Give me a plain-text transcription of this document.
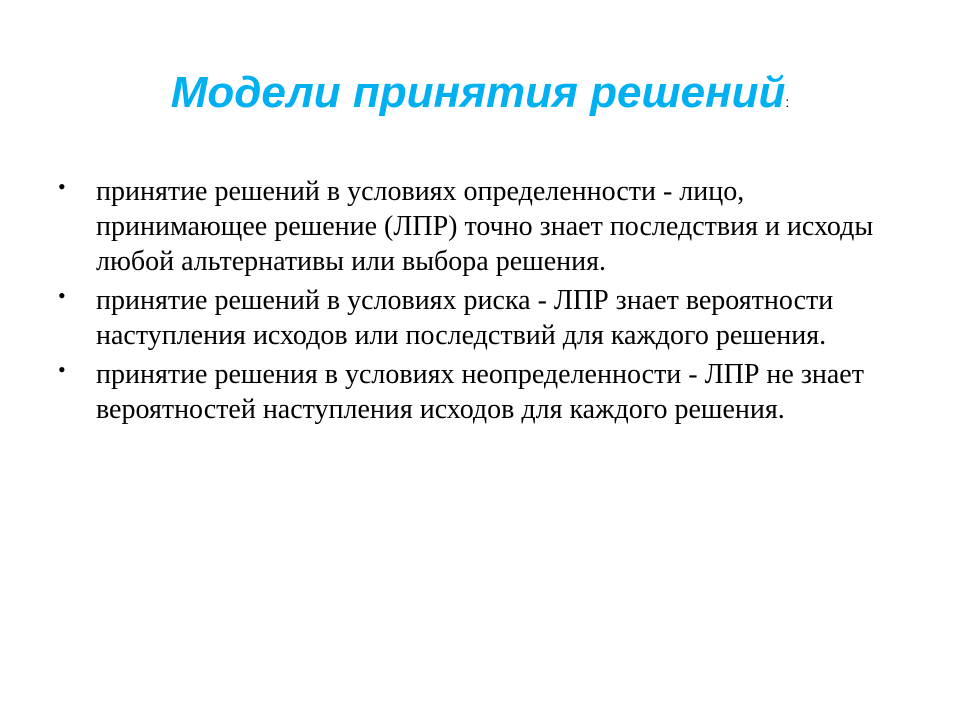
Модели принятия решений:
• принятие решений в условиях определенности - лицо, принимающее решение (ЛПР) точно знает последствия и исходы любой альтернативы или выбора решения.
• принятие решений в условиях риска - ЛПР знает вероятности наступления исходов или последствий для каждого решения.
• принятие решения в условиях неопределенности - ЛПР не знает вероятностей наступления исходов для каждого решения.
